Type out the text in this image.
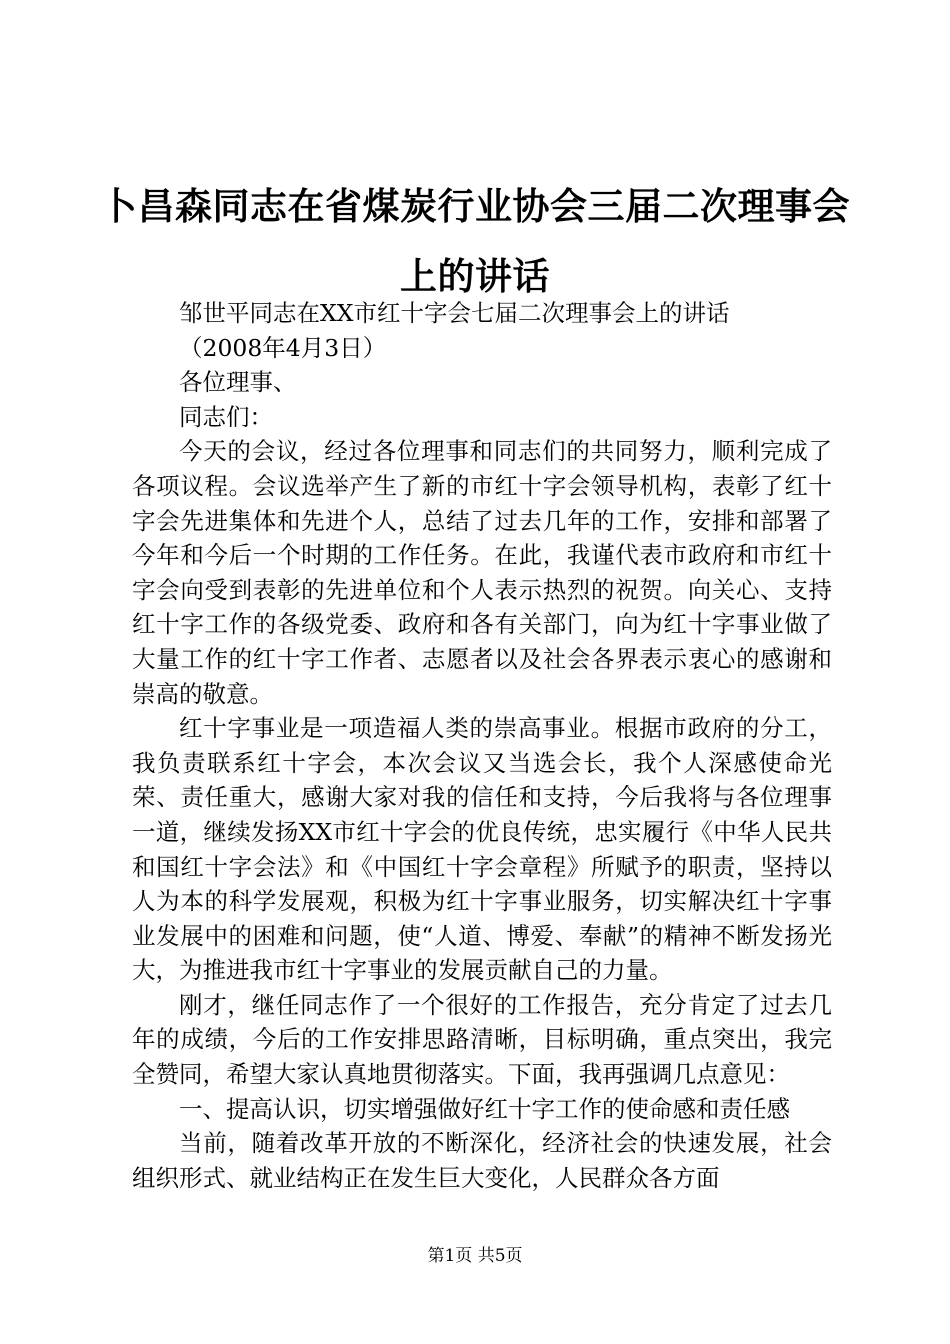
卜昌森同志在省煤炭行业协会三届二次理事会上的讲话

邹世平同志在XX市红十字会七届二次理事会上的讲话

（2008年4月3日）

各位理事、

同志们：

今天的会议，经过各位理事和同志们的共同努力，顺利完成了各项议程。会议选举产生了新的市红十字会领导机构，表彰了红十字会先进集体和先进个人，总结了过去几年的工作，安排和部署了今年和今后一个时期的工作任务。在此，我谨代表市政府和市红十字会向受到表彰的先进单位和个人表示热烈的祝贺。向关心、支持红十字工作的各级党委、政府和各有关部门，向为红十字事业做了大量工作的红十字工作者、志愿者以及社会各界表示衷心的感谢和崇高的敬意。

红十字事业是一项造福人类的崇高事业。根据市政府的分工，我负责联系红十字会，本次会议又当选会长，我个人深感使命光荣、责任重大，感谢大家对我的信任和支持，今后我将与各位理事一道，继续发扬XX市红十字会的优良传统，忠实履行《中华人民共和国红十字会法》和《中国红十字会章程》所赋予的职责，坚持以人为本的科学发展观，积极为红十字事业服务，切实解决红十字事业发展中的困难和问题，使“人道、博爱、奉献”的精神不断发扬光大，为推进我市红十字事业的发展贡献自己的力量。

刚才，继任同志作了一个很好的工作报告，充分肯定了过去几年的成绩，今后的工作安排思路清晰，目标明确，重点突出，我完全赞同，希望大家认真地贯彻落实。下面，我再强调几点意见：

一、提高认识，切实增强做好红十字工作的使命感和责任感

当前，随着改革开放的不断深化，经济社会的快速发展，社会组织形式、就业结构正在发生巨大变化，人民群众各方面

第1页 共5页
